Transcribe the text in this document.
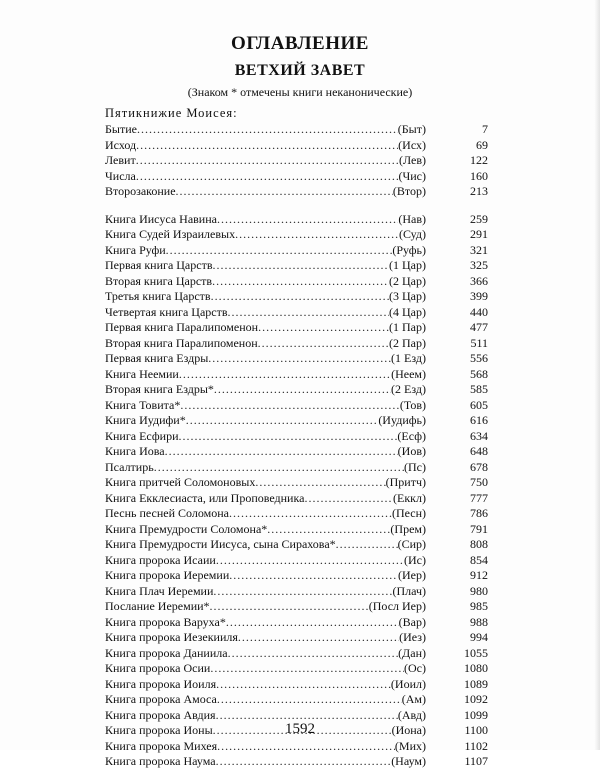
ОГЛАВЛЕНИЕ
ВЕТХИЙ ЗАВЕТ
(Знаком * отмечены книги неканонические)
Пятикнижие Моисея:
Бытие .....	(Быт)	7
Исход .....	(Исх)	69
Левит .....	(Лев)	122
Числа .....	(Чис)	160
Второзаконие .....	(Втор)	213
Книга Иисуса Навина .....	(Нав)	259
Книга Судей Израилевых .....	(Суд)	291
Книга Руфи .....	(Руфь)	321
Первая книга Царств .....	(1 Цар)	325
Вторая книга Царств .....	(2 Цар)	366
Третья книга Царств .....	(3 Цар)	399
Четвертая книга Царств .....	(4 Цар)	440
Первая книга Паралипоменон .....	(1 Пар)	477
Вторая книга Паралипоменон .....	(2 Пар)	511
Первая книга Ездры .....	(1 Езд)	556
Книга Неемии .....	(Неем)	568
Вторая книга Ездры* .....	(2 Езд)	585
Книга Товита* .....	(Тов)	605
Книга Иудифи* .....	(Иудифь)	616
Книга Есфири .....	(Есф)	634
Книга Иова .....	(Иов)	648
Псалтирь .....	(Пс)	678
Книга притчей Соломоновых .....	(Притч)	750
Книга Екклесиаста, или Проповедника .....	(Еккл)	777
Песнь песней Соломона .....	(Песн)	786
Книга Премудрости Соломона* .....	(Прем)	791
Книга Премудрости Иисуса, сына Сирахова* .....	(Сир)	808
Книга пророка Исаии .....	(Ис)	854
Книга пророка Иеремии .....	(Иер)	912
Книга Плач Иеремии .....	(Плач)	980
Послание Иеремии* .....	(Посл Иер)	985
Книга пророка Варуха* .....	(Вар)	988
Книга пророка Иезекииля .....	(Иез)	994
Книга пророка Даниила .....	(Дан)	1055
Книга пророка Осии .....	(Ос)	1080
Книга пророка Иоиля .....	(Иоил)	1089
Книга пророка Амоса .....	(Ам)	1092
Книга пророка Авдия .....	(Авд)	1099
Книга пророка Ионы .....	(Иона)	1100
Книга пророка Михея .....	(Мих)	1102
Книга пророка Наума .....	(Наум)	1107
1592
